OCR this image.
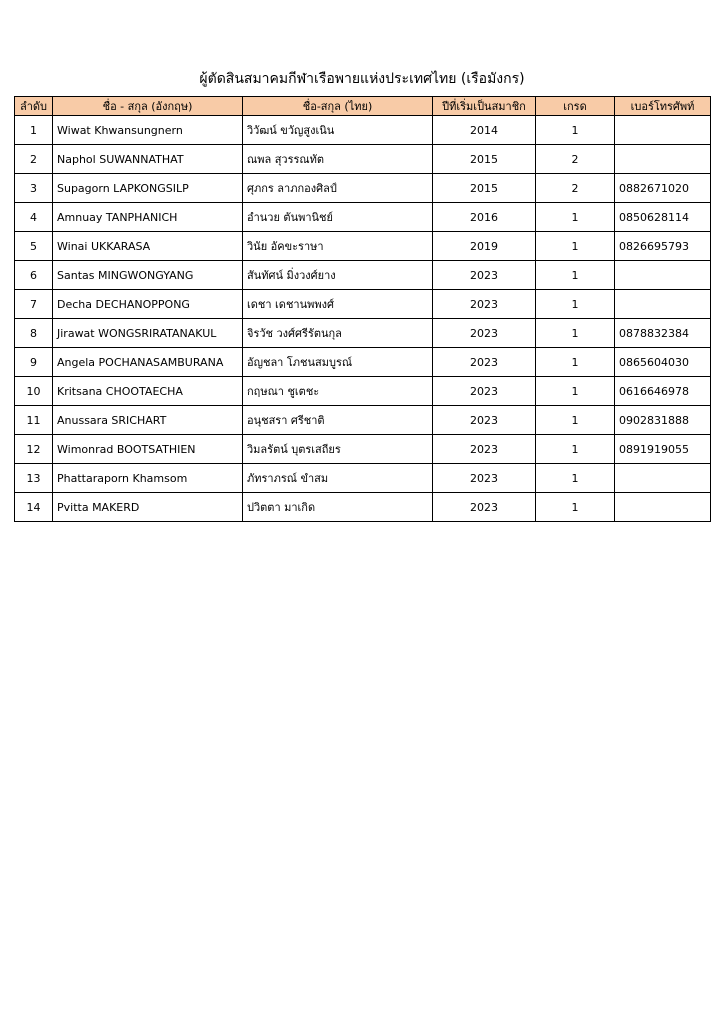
ผู้ตัดสินสมาคมกีฬาเรือพายแห่งประเทศไทย (เรือมังกร)
ลำดับ	ชื่อ - สกุล (อังกฤษ)	ชื่อ-สกุล (ไทย)	ปีที่เริ่มเป็นสมาชิก	เกรด	เบอร์โทรศัพท์
1	Wiwat Khwansungnern	วิวัฒน์ ขวัญสูงเนิน	2014	1	
2	Naphol SUWANNATHAT	ณพล สุวรรณทัต	2015	2	
3	Supagorn LAPKONGSILP	ศุภกร ลาภกองศิลป์	2015	2	0882671020
4	Amnuay TANPHANICH	อำนวย ตันพานิชย์	2016	1	0850628114
5	Winai UKKARASA	วินัย อัคขะราษา	2019	1	0826695793
6	Santas MINGWONGYANG	สันทัศน์ มิ่งวงศ์ยาง	2023	1	
7	Decha DECHANOPPONG	เดชา เดชานพพงศ์	2023	1	
8	Jirawat WONGSRIRATANAKUL	จิรวัช วงศ์ศรีรัตนกุล	2023	1	0878832384
9	Angela POCHANASAMBURANA	อัญชลา โภชนสมบูรณ์	2023	1	0865604030
10	Kritsana CHOOTAECHA	กฤษณา ชูเตชะ	2023	1	0616646978
11	Anussara SRICHART	อนุชสรา ศรีชาติ	2023	1	0902831888
12	Wimonrad BOOTSATHIEN	วิมลรัตน์ บุตรเสถียร	2023	1	0891919055
13	Phattaraporn Khamsom	ภัทราภรณ์ ขำสม	2023	1	
14	Pvitta MAKERD	ปวิตตา มาเกิด	2023	1	
